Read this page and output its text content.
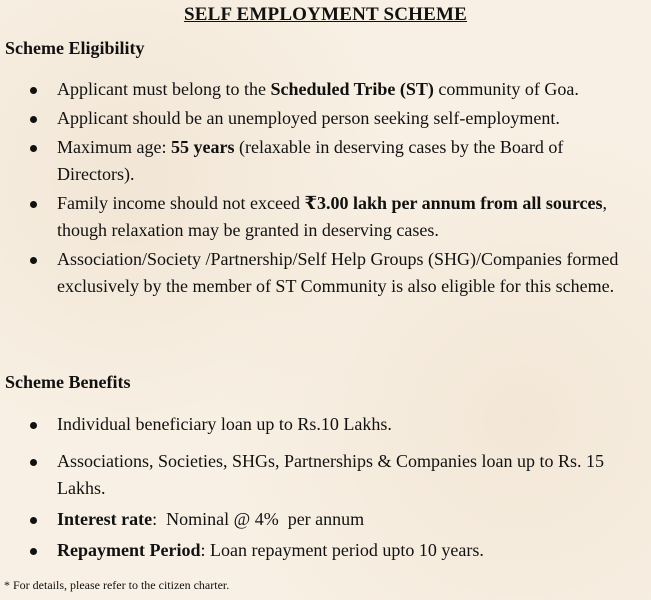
SELF EMPLOYMENT SCHEME
Scheme Eligibility
Applicant must belong to the Scheduled Tribe (ST) community of Goa.
Applicant should be an unemployed person seeking self-employment.
Maximum age: 55 years (relaxable in deserving cases by the Board of Directors).
Family income should not exceed ₹3.00 lakh per annum from all sources, though relaxation may be granted in deserving cases.
Association/Society /Partnership/Self Help Groups (SHG)/Companies formed exclusively by the member of ST Community is also eligible for this scheme.
Scheme Benefits
Individual beneficiary loan up to Rs.10 Lakhs.
Associations, Societies, SHGs, Partnerships & Companies loan up to Rs. 15 Lakhs.
Interest rate:  Nominal @ 4%  per annum
Repayment Period: Loan repayment period upto 10 years.
* For details, please refer to the citizen charter.
